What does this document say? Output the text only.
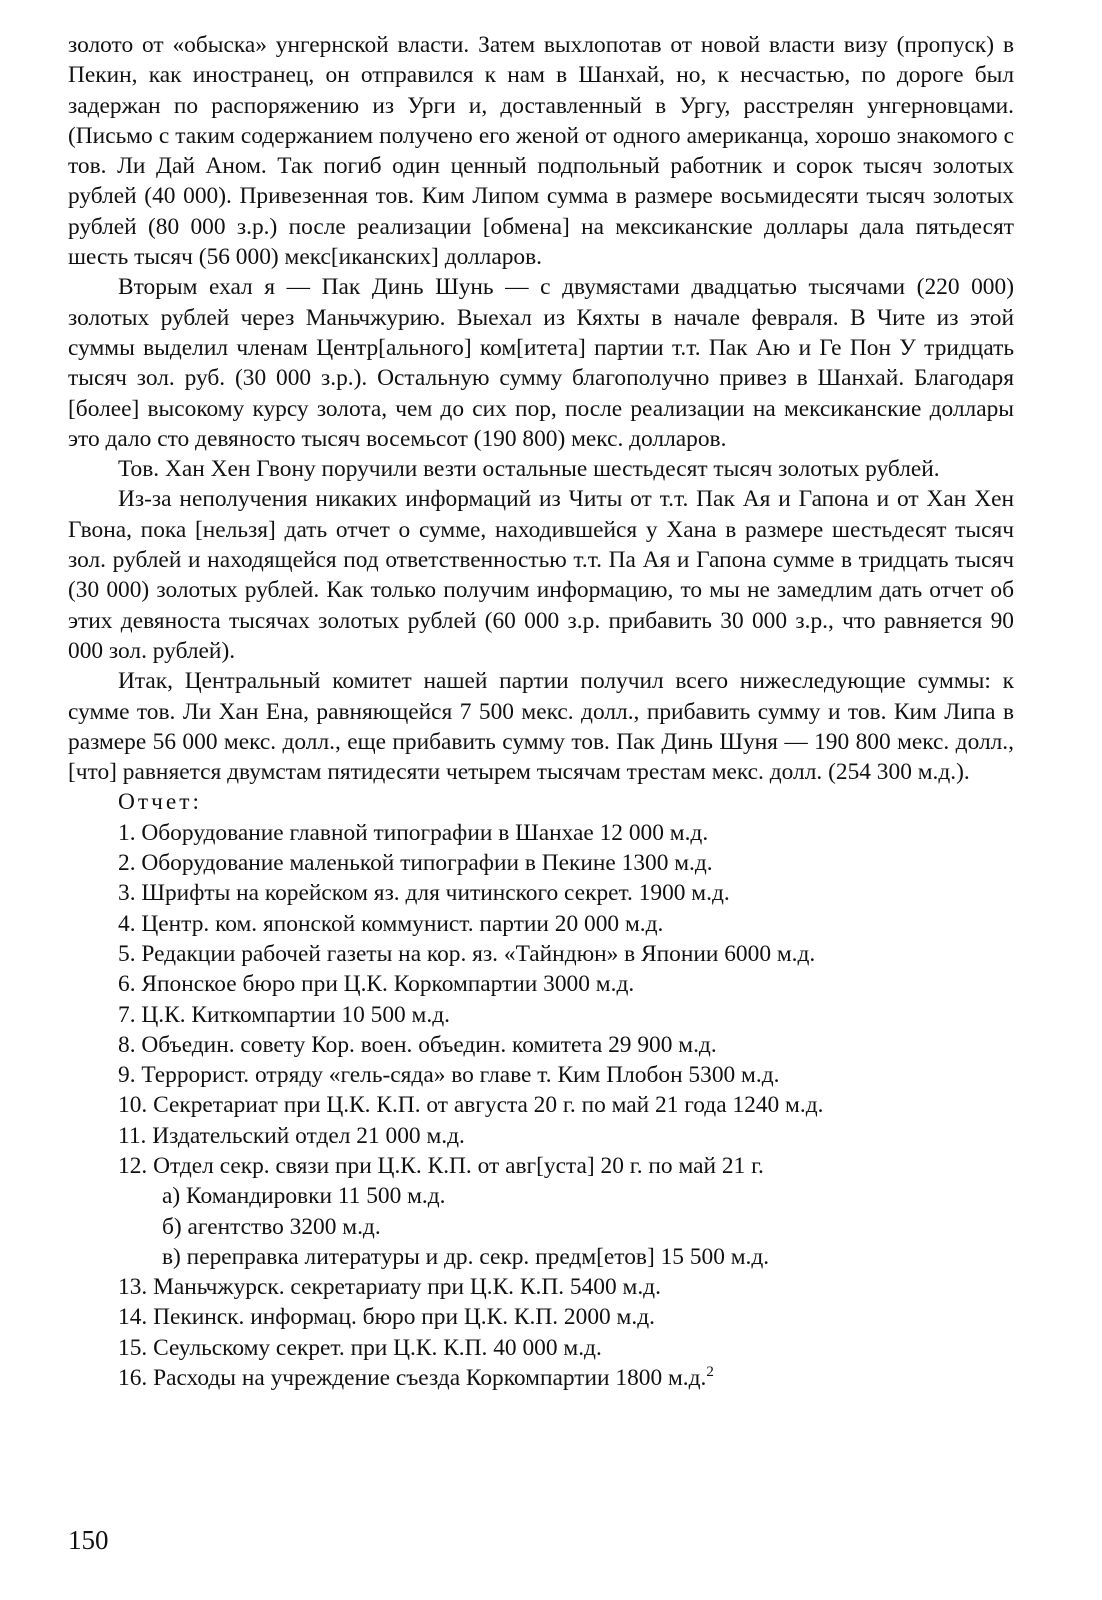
золото от «обыска» унгернской власти. Затем выхлопотав от новой власти визу (пропуск) в Пекин, как иностранец, он отправился к нам в Шанхай, но, к несчастью, по дороге был задержан по распоряжению из Урги и, доставленный в Ургу, расстрелян унгерновцами. (Письмо с таким содержанием получено его женой от одного американца, хорошо знакомого с тов. Ли Дай Аном. Так погиб один ценный подпольный работник и сорок тысяч золотых рублей (40 000). Привезенная тов. Ким Липом сумма в размере восьмидесяти тысяч золотых рублей (80 000 з.р.) после реализации [обмена] на мексиканские доллары дала пятьдесят шесть тысяч (56 000) мекс[иканских] долларов.

Вторым ехал я — Пак Динь Шунь — с двумястами двадцатью тысячами (220 000) золотых рублей через Маньчжурию. Выехал из Кяхты в начале февраля. В Чите из этой суммы выделил членам Центр[ального] ком[итета] партии т.т. Пак Аю и Ге Пон У тридцать тысяч зол. руб. (30 000 з.р.). Остальную сумму благополучно привез в Шанхай. Благодаря [более] высокому курсу золота, чем до сих пор, после реализации на мексиканские доллары это дало сто девяносто тысяч восемьсот (190 800) мекс. долларов.

Тов. Хан Хен Гвону поручили везти остальные шестьдесят тысяч золотых рублей.

Из-за неполучения никаких информаций из Читы от т.т. Пак Ая и Гапона и от Хан Хен Гвона, пока [нельзя] дать отчет о сумме, находившейся у Хана в размере шестьдесят тысяч зол. рублей и находящейся под ответственностью т.т. Па Ая и Гапона сумме в тридцать тысяч (30 000) золотых рублей. Как только получим информацию, то мы не замедлим дать отчет об этих девяноста тысячах золотых рублей (60 000 з.р. прибавить 30 000 з.р., что равняется 90 000 зол. рублей).

Итак, Центральный комитет нашей партии получил всего нижеследующие суммы: к сумме тов. Ли Хан Ена, равняющейся 7 500 мекс. долл., прибавить сумму и тов. Ким Липа в размере 56 000 мекс. долл., еще прибавить сумму тов. Пак Динь Шуня — 190 800 мекс. долл., [что] равняется двумстам пятидесяти четырем тысячам трестам мекс. долл. (254 300 м.д.).

Отчет:

1. Оборудование главной типографии в Шанхае 12 000 м.д.
2. Оборудование маленькой типографии в Пекине 1300 м.д.
3. Шрифты на корейском яз. для читинского секрет. 1900 м.д.
4. Центр. ком. японской коммунист. партии 20 000 м.д.
5. Редакции рабочей газеты на кор. яз. «Тайндюн» в Японии 6000 м.д.
6. Японское бюро при Ц.К. Коркомпартии 3000 м.д.
7. Ц.К. Киткомпартии 10 500 м.д.
8. Объедин. совету Кор. воен. объедин. комитета 29 900 м.д.
9. Террорист. отряду «гель-сяда» во главе т. Ким Плобон 5300 м.д.
10. Секретариат при Ц.К. К.П. от августа 20 г. по май 21 года 1240 м.д.
11. Издательский отдел 21 000 м.д.
12. Отдел секр. связи при Ц.К. К.П. от авг[уста] 20 г. по май 21 г.
а) Командировки 11 500 м.д.
б) агентство 3200 м.д.
в) переправка литературы и др. секр. предм[етов] 15 500 м.д.
13. Маньчжурск. секретариату при Ц.К. К.П. 5400 м.д.
14. Пекинск. информац. бюро при Ц.К. К.П. 2000 м.д.
15. Сеульскому секрет. при Ц.К. К.П. 40 000 м.д.
16. Расходы на учреждение съезда Коркомпартии 1800 м.д.$^2$
150
